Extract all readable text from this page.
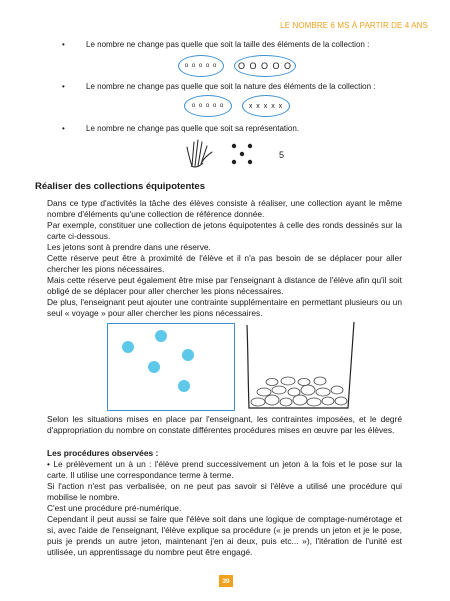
LE NOMBRE 6 MS À PARTIR DE 4 ANS
•	Le nombre ne change pas quelle que soit la taille des éléments de la collection :
o o o o o O O O O O
•	Le nombre ne change pas quelle que soit la nature des éléments de la collection :
o o o o o	x x x x x
•	Le nombre ne change pas quelle que soit sa représentation.
5
Réaliser des collections équipotentes

Dans ce type d'activités la tâche des élèves consiste à réaliser, une collection ayant le même nombre d'éléments qu'une collection de référence donnée.

Par exemple, constituer une collection de jetons équipotentes à celle des ronds dessinés sur la carte ci-dessous.

Les jetons sont à prendre dans une réserve.

Cette réserve peut être à proximité de l'élève et il n'a pas besoin de se déplacer pour aller chercher les pions nécessaires.

Mais cette réserve peut également être mise par l'enseignant à distance de l'élève afin qu'il soit obligé de se déplacer pour aller chercher les pions nécessaires.

De plus, l'enseignant peut ajouter une contrainte supplémentaire en permettant plusieurs ou un seul « voyage » pour aller chercher les pions nécessaires.

Selon les situations mises en place par l'enseignant, les contraintes imposées, et le degré d'appropriation du nombre on constate différentes procédures mises en œuvre par les élèves.

Les procédures observées :

• Le prélèvement un à un : l'élève prend successivement un jeton à la fois et le pose sur la carte. Il utilise une correspondance terme à terme.

Si l'action n'est pas verbalisée, on ne peut pas savoir si l'élève a utilisé une procédure qui mobilise le nombre.

C'est une procédure pré-numérique.

Cependant il peut aussi se faire que l'élève soit dans une logique de comptage-numérotage et si, avec l'aide de l'enseignant, l'élève explique sa procédure (« je prends un jeton et je le pose, puis je prends un autre jeton, maintenant j'en ai deux, puis etc... »), l'itération de l'unité est utilisée, un apprentissage du nombre peut être engagé.

39
